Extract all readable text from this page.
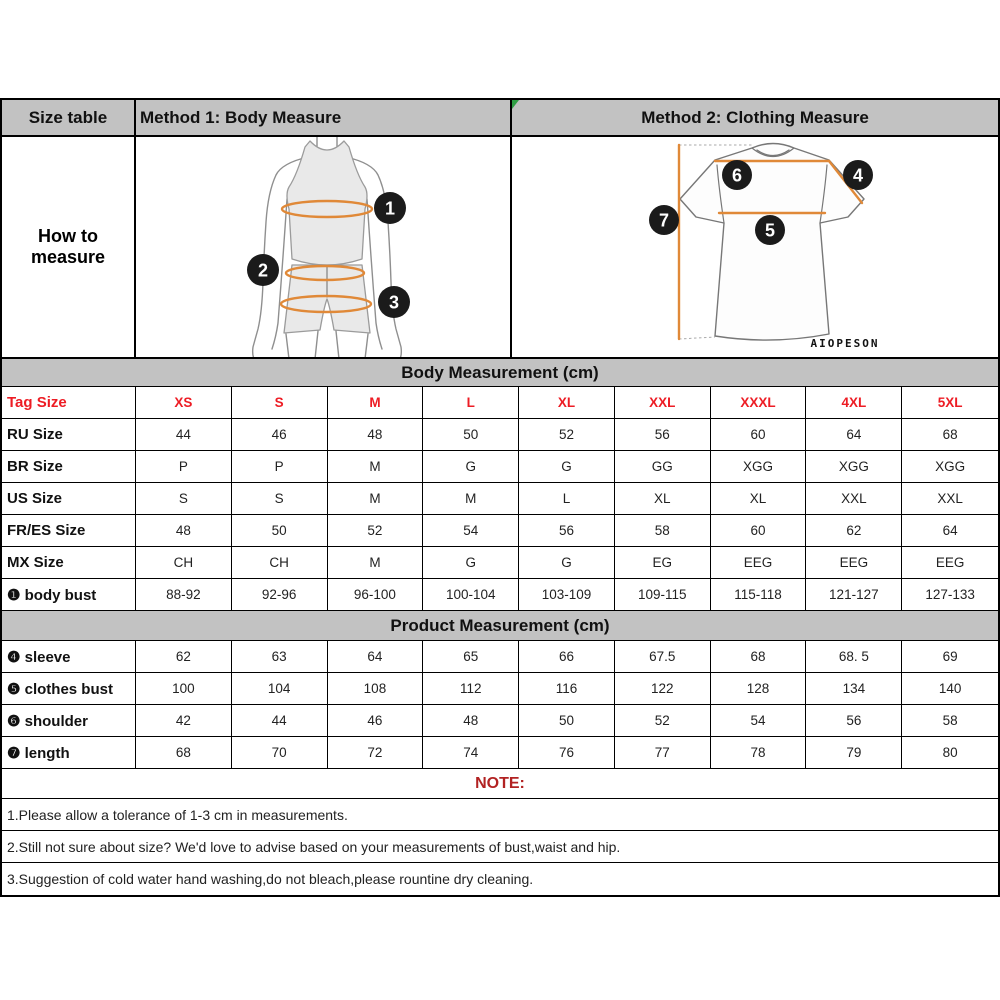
Size table	Method 1: Body Measure	Method 2: Clothing Measure
How to measure
1
2
3
6	4
7	5
AIOPESON
Body Measurement (cm)
Tag Size	XS	S	M	L	XL	XXL	XXXL	4XL	5XL
RU Size	44	46	48	50	52	56	60	64	68
BR Size	P	P	M	G	G	GG	XGG	XGG	XGG
US Size	S	S	M	M	L	XL	XL	XXL	XXL
FR/ES Size	48	50	52	54	56	58	60	62	64
MX Size	CH	CH	M	G	G	EG	EEG	EEG	EEG
❶ body bust	88-92	92-96	96-100	100-104	103-109	109-115	115-118	121-127	127-133
Product Measurement (cm)
❹ sleeve	62	63	64	65	66	67.5	68	68. 5	69
❺ clothes bust	100	104	108	112	116	122	128	134	140
❻ shoulder	42	44	46	48	50	52	54	56	58
❼ length	68	70	72	74	76	77	78	79	80
NOTE:
1.Please allow a tolerance of 1-3 cm in measurements.
2.Still not sure about size? We'd love to advise based on your measurements of bust,waist and hip.
3.Suggestion of cold water hand washing,do not bleach,please rountine dry cleaning.
